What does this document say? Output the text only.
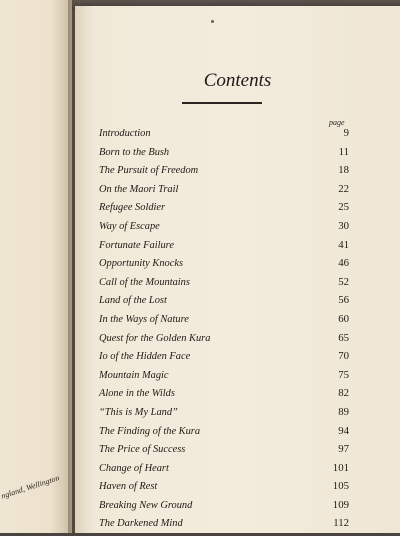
ngland, Wellington
Contents
page
Introduction	9
Born to the Bush	11
The Pursuit of Freedom	18
On the Maori Trail	22
Refugee Soldier	25
Way of Escape	30
Fortunate Failure	41
Opportunity Knocks	46
Call of the Mountains	52
Land of the Lost	56
In the Ways of Nature	60
Quest for the Golden Kura	65
Io of the Hidden Face	70
Mountain Magic	75
Alone in the Wilds	82
“This is My Land”	89
The Finding of the Kura	94
The Price of Success	97
Change of Heart	101
Haven of Rest	105
Breaking New Ground	109
The Darkened Mind	112
